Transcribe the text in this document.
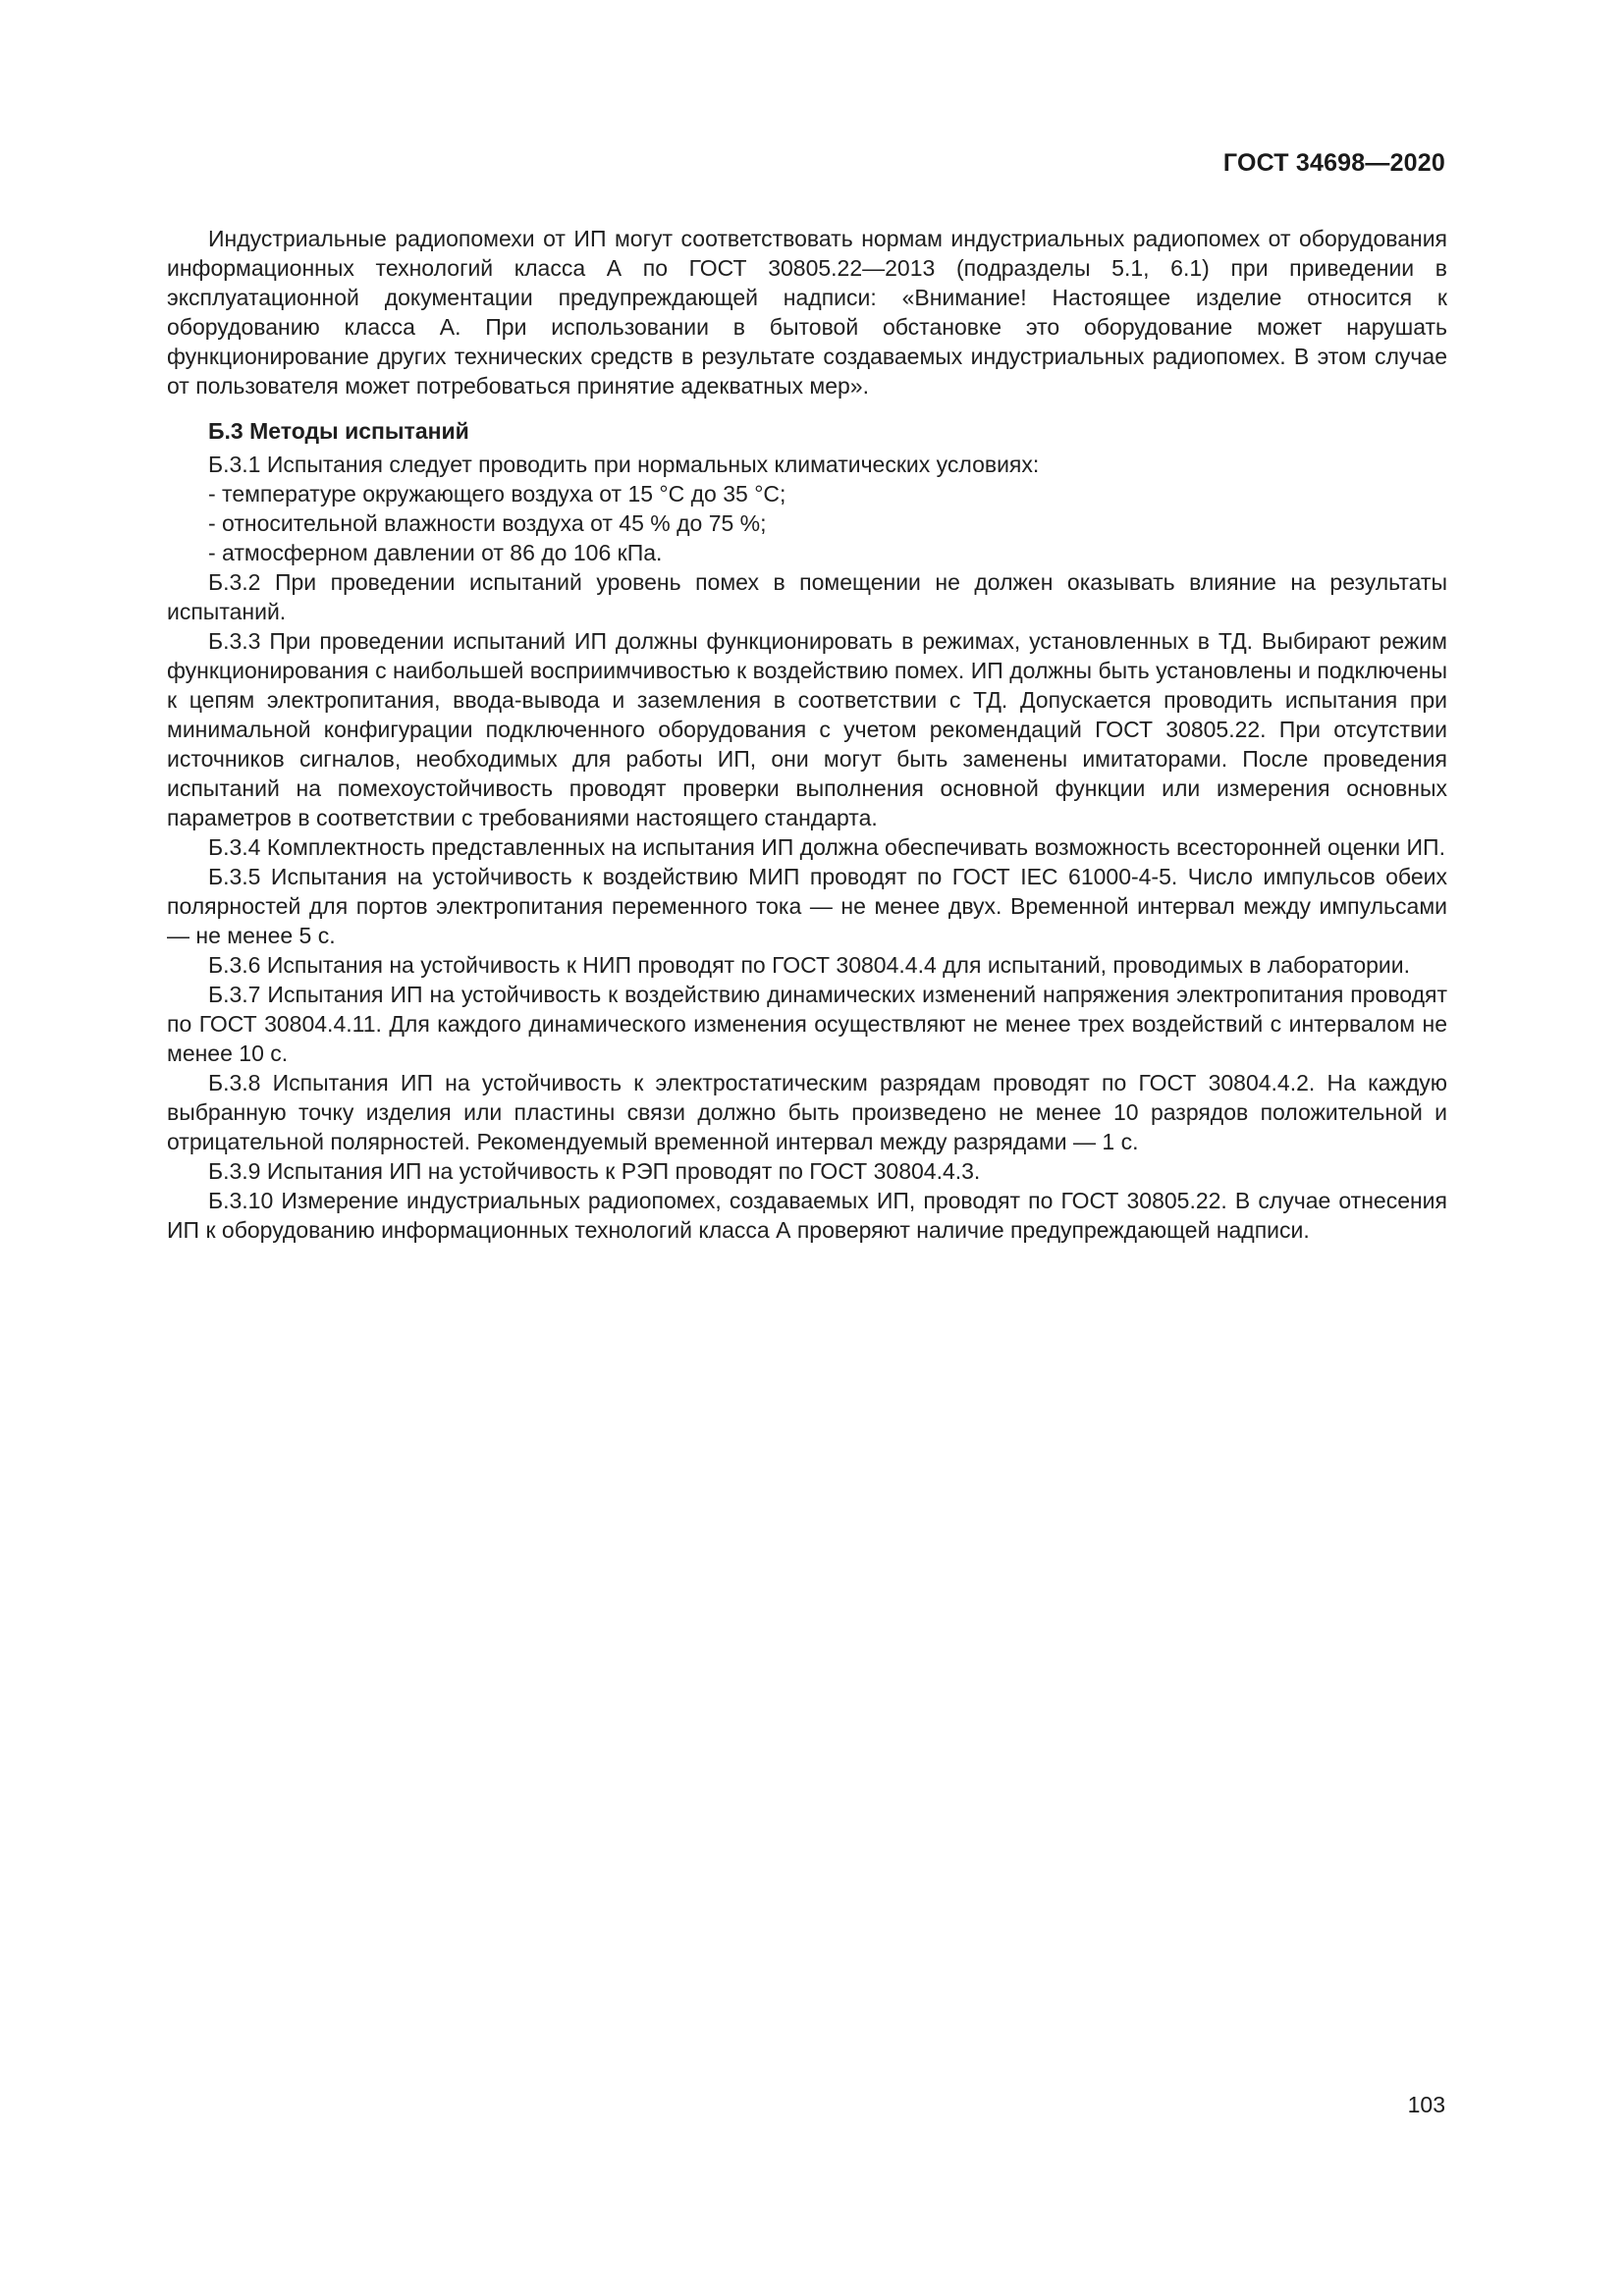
ГОСТ 34698—2020

Индустриальные радиопомехи от ИП могут соответствовать нормам индустриальных радиопомех от оборудования информационных технологий класса А по ГОСТ 30805.22—2013 (подразделы 5.1, 6.1) при приведении в эксплуатационной документации предупреждающей надписи: «Внимание! Настоящее изделие относится к оборудованию класса А. При использовании в бытовой обстановке это оборудование может нарушать функционирование других технических средств в результате создаваемых индустриальных радиопомех. В этом случае от пользователя может потребоваться принятие адекватных мер».

Б.3 Методы испытаний

Б.3.1 Испытания следует проводить при нормальных климатических условиях:

- температуре окружающего воздуха от 15 °С до 35 °С;

- относительной влажности воздуха от 45 % до 75 %;

- атмосферном давлении от 86 до 106 кПа.

Б.3.2 При проведении испытаний уровень помех в помещении не должен оказывать влияние на результаты испытаний.

Б.3.3 При проведении испытаний ИП должны функционировать в режимах, установленных в ТД. Выбирают режим функционирования с наибольшей восприимчивостью к воздействию помех. ИП должны быть установлены и подключены к цепям электропитания, ввода-вывода и заземления в соответствии с ТД. Допускается проводить испытания при минимальной конфигурации подключенного оборудования с учетом рекомендаций ГОСТ 30805.22. При отсутствии источников сигналов, необходимых для работы ИП, они могут быть заменены имитаторами. После проведения испытаний на помехоустойчивость проводят проверки выполнения основной функции или измерения основных параметров в соответствии с требованиями настоящего стандарта.

Б.3.4 Комплектность представленных на испытания ИП должна обеспечивать возможность всесторонней оценки ИП.

Б.3.5 Испытания на устойчивость к воздействию МИП проводят по ГОСТ IEC 61000-4-5. Число импульсов обеих полярностей для портов электропитания переменного тока — не менее двух. Временной интервал между импульсами — не менее 5 с.

Б.3.6 Испытания на устойчивость к НИП проводят по ГОСТ 30804.4.4 для испытаний, проводимых в лаборатории.

Б.3.7 Испытания ИП на устойчивость к воздействию динамических изменений напряжения электропитания проводят по ГОСТ 30804.4.11. Для каждого динамического изменения осуществляют не менее трех воздействий с интервалом не менее 10 с.

Б.3.8 Испытания ИП на устойчивость к электростатическим разрядам проводят по ГОСТ 30804.4.2. На каждую выбранную точку изделия или пластины связи должно быть произведено не менее 10 разрядов положительной и отрицательной полярностей. Рекомендуемый временной интервал между разрядами — 1 с.

Б.3.9 Испытания ИП на устойчивость к РЭП проводят по ГОСТ 30804.4.3.

Б.3.10 Измерение индустриальных радиопомех, создаваемых ИП, проводят по ГОСТ 30805.22. В случае отнесения ИП к оборудованию информационных технологий класса А проверяют наличие предупреждающей надписи.

103
